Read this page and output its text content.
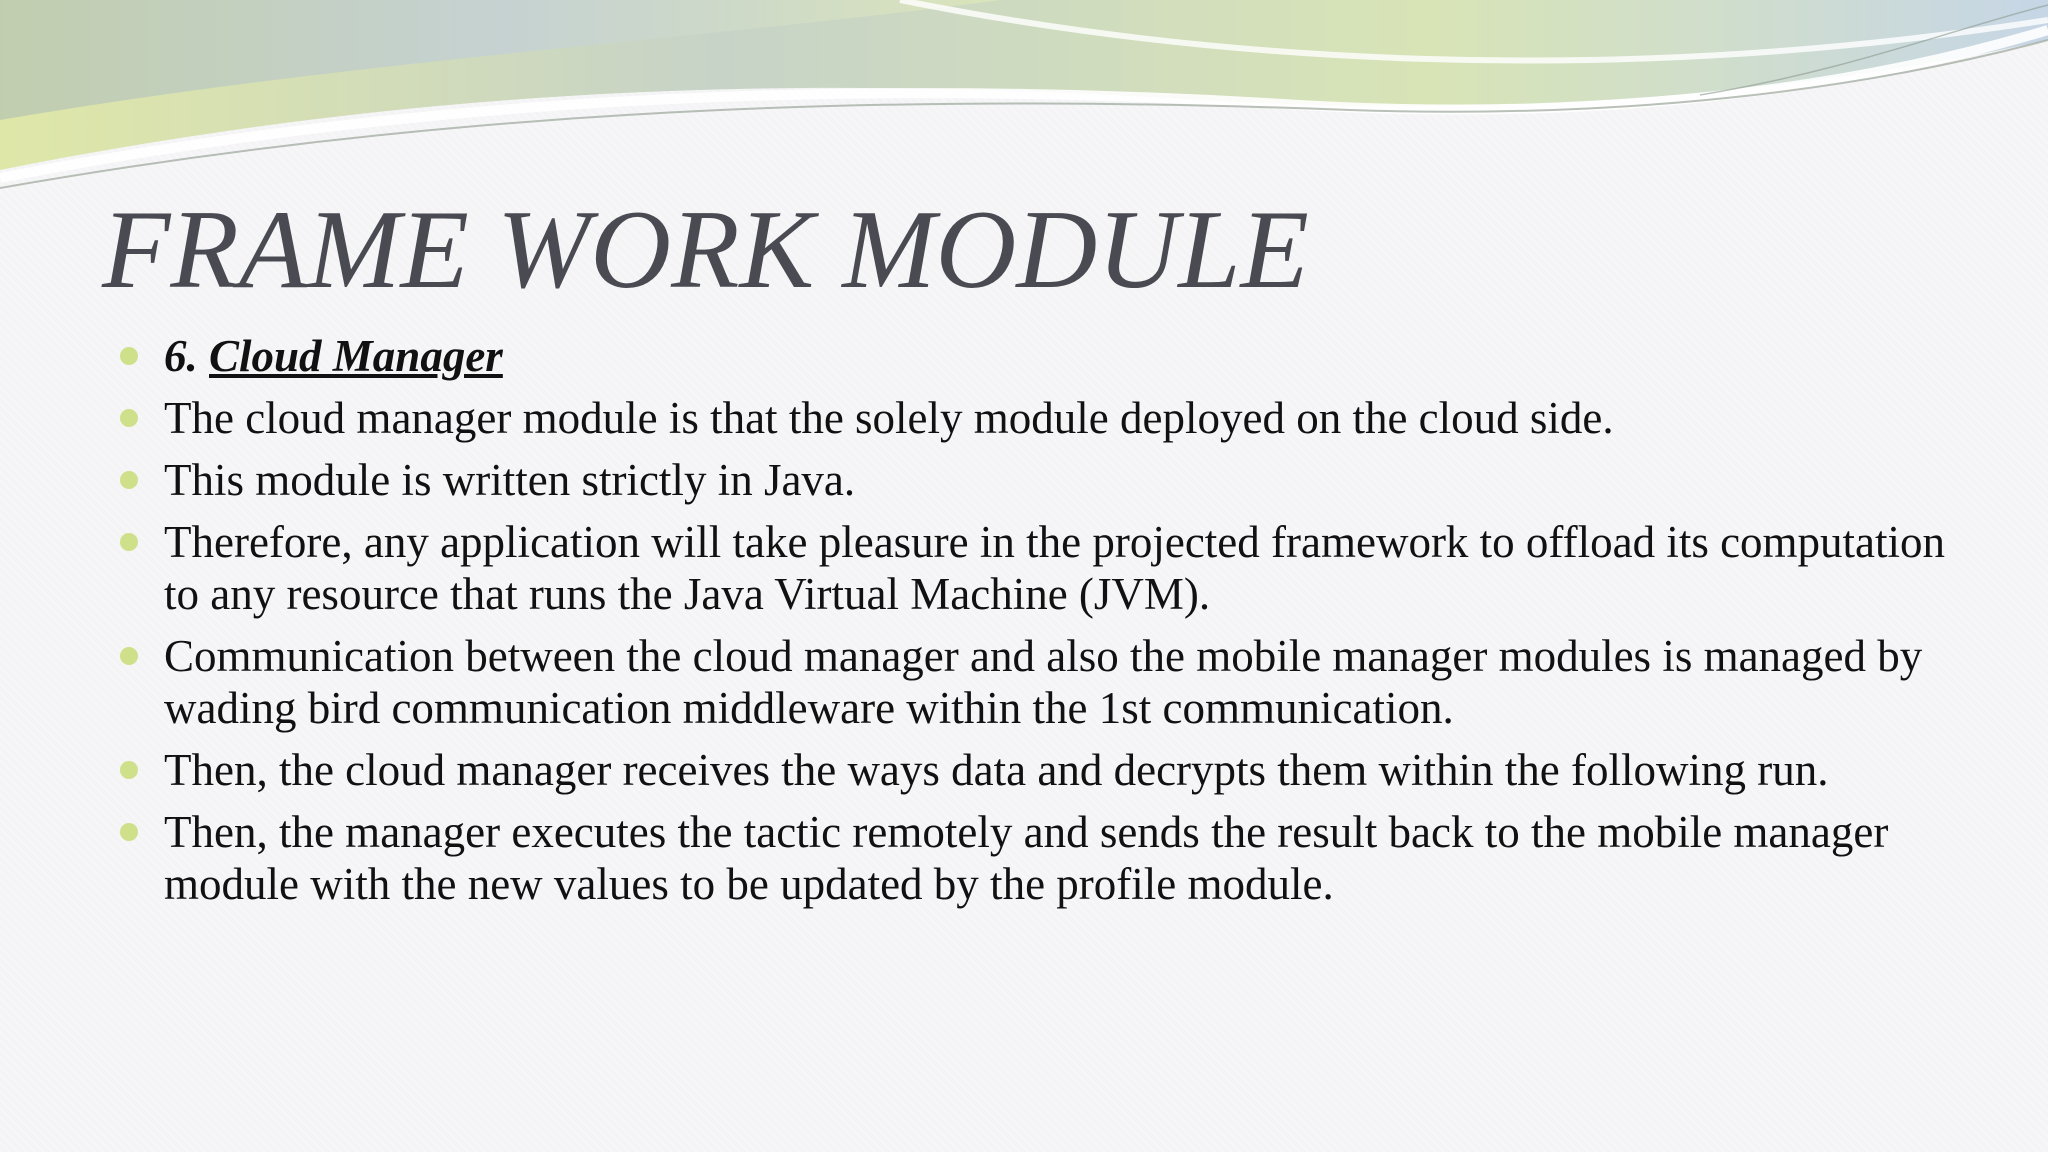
FRAME WORK MODULE
6. Cloud Manager
The cloud manager module is that the solely module deployed on the cloud side.
This module is written strictly in Java.
Therefore, any application will take pleasure in the projected framework to offload its computation to any resource that runs the Java Virtual Machine (JVM).
Communication between the cloud manager and also the mobile manager modules is managed by wading bird communication middleware within the 1st communication.
Then, the cloud manager receives the ways data and decrypts them within the following run.
Then, the manager executes the tactic remotely and sends the result back to the mobile manager module with the new values to be updated by the profile module.
